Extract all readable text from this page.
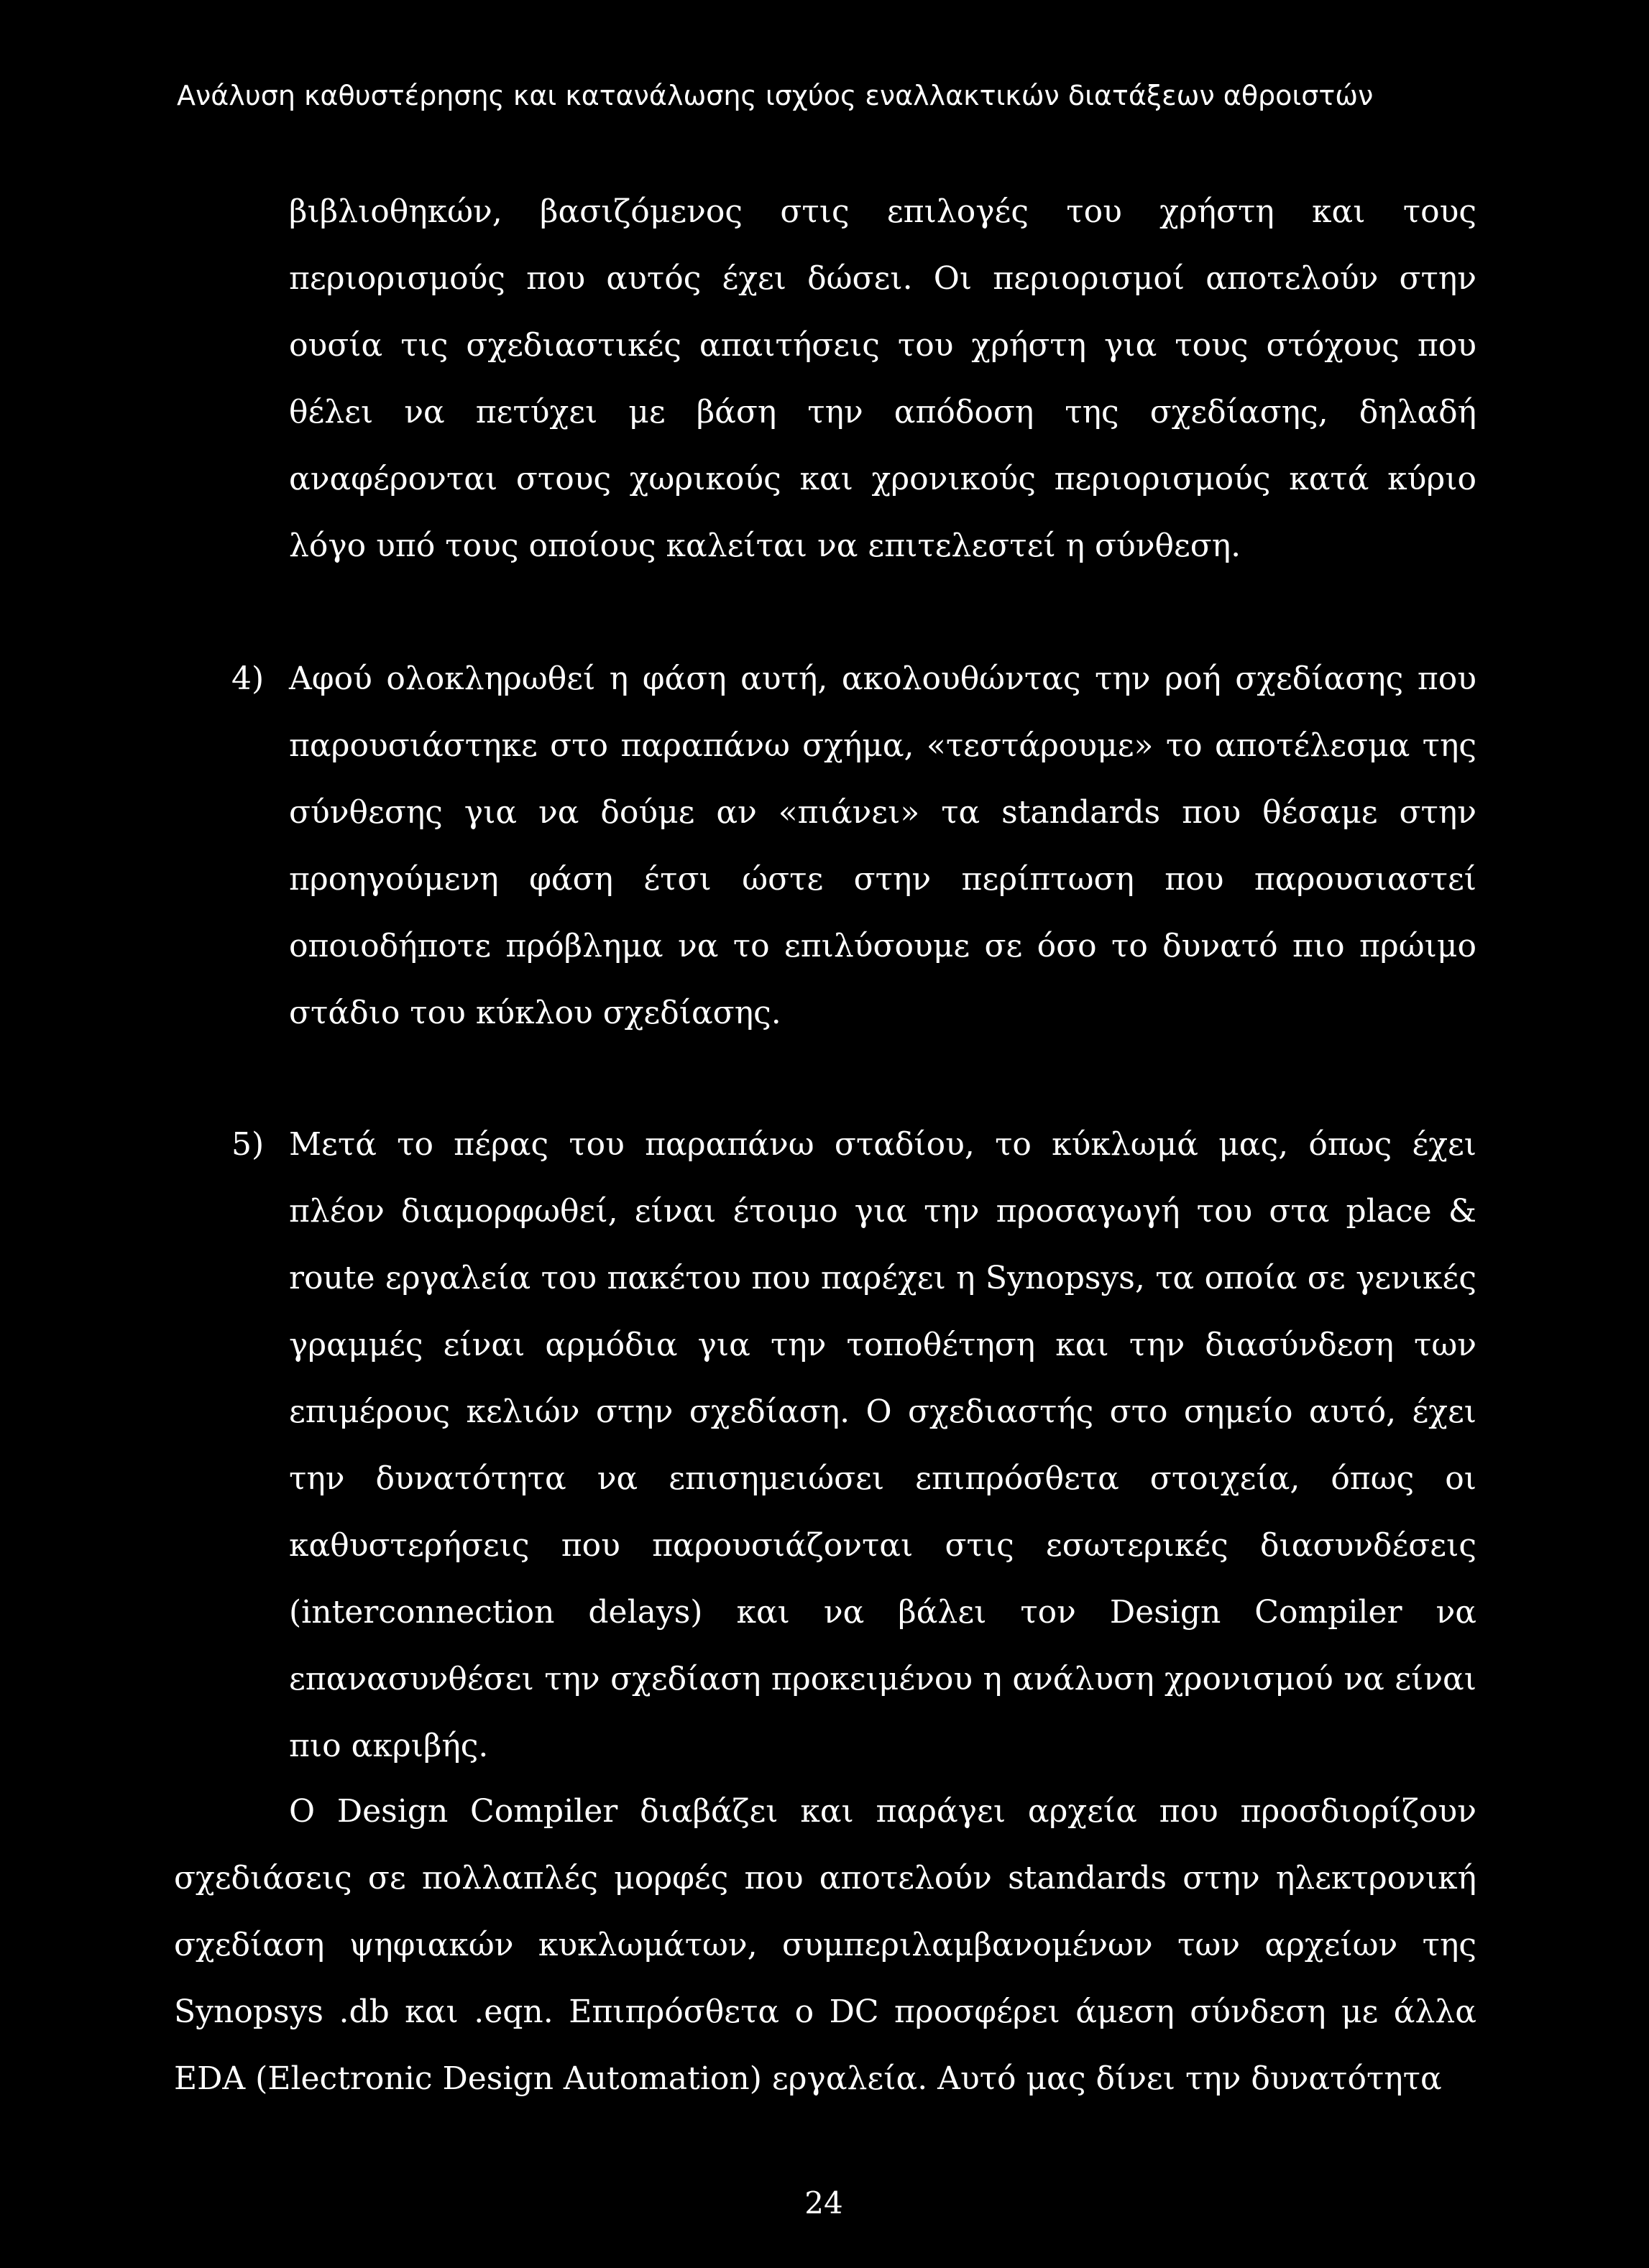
Ανάλυση καθυστέρησης και κατανάλωσης ισχύος εναλλακτικών διατάξεων αθροιστών
βιβλιοθηκών, βασιζόμενος στις επιλογές του χρήστη και τους περιορισμούς που αυτός έχει δώσει. Οι περιορισμοί αποτελούν στην ουσία τις σχεδιαστικές απαιτήσεις του χρήστη για τους στόχους που θέλει να πετύχει με βάση την απόδοση της σχεδίασης, δηλαδή αναφέρονται στους χωρικούς και χρονικούς περιορισμούς κατά κύριο λόγο υπό τους οποίους καλείται να επιτελεστεί η σύνθεση.
4) Αφού ολοκληρωθεί η φάση αυτή, ακολουθώντας την ροή σχεδίασης που παρουσιάστηκε στο παραπάνω σχήμα, «τεστάρουμε» το αποτέλεσμα της σύνθεσης για να δούμε αν «πιάνει» τα standards που θέσαμε στην προηγούμενη φάση έτσι ώστε στην περίπτωση που παρουσιαστεί οποιοδήποτε πρόβλημα να το επιλύσουμε σε όσο το δυνατό πιο πρώιμο στάδιο του κύκλου σχεδίασης.
5) Μετά το πέρας του παραπάνω σταδίου, το κύκλωμά μας, όπως έχει πλέον διαμορφωθεί, είναι έτοιμο για την προσαγωγή του στα place & route εργαλεία του πακέτου που παρέχει η Synopsys, τα οποία σε γενικές γραμμές είναι αρμόδια για την τοποθέτηση και την διασύνδεση των επιμέρους κελιών στην σχεδίαση. Ο σχεδιαστής στο σημείο αυτό, έχει την δυνατότητα να επισημειώσει επιπρόσθετα στοιχεία, όπως οι καθυστερήσεις που παρουσιάζονται στις εσωτερικές διασυνδέσεις (interconnection delays) και να βάλει τον Design Compiler να επανασυνθέσει την σχεδίαση προκειμένου η ανάλυση χρονισμού να είναι πιο ακριβής.
Ο Design Compiler διαβάζει και παράγει αρχεία που προσδιορίζουν σχεδιάσεις σε πολλαπλές μορφές που αποτελούν standards στην ηλεκτρονική σχεδίαση ψηφιακών κυκλωμάτων, συμπεριλαμβανομένων των αρχείων της Synopsys .db και .eqn. Επιπρόσθετα ο DC προσφέρει άμεση σύνδεση με άλλα EDA (Electronic Design Automation) εργαλεία. Αυτό μας δίνει την δυνατότητα
24
